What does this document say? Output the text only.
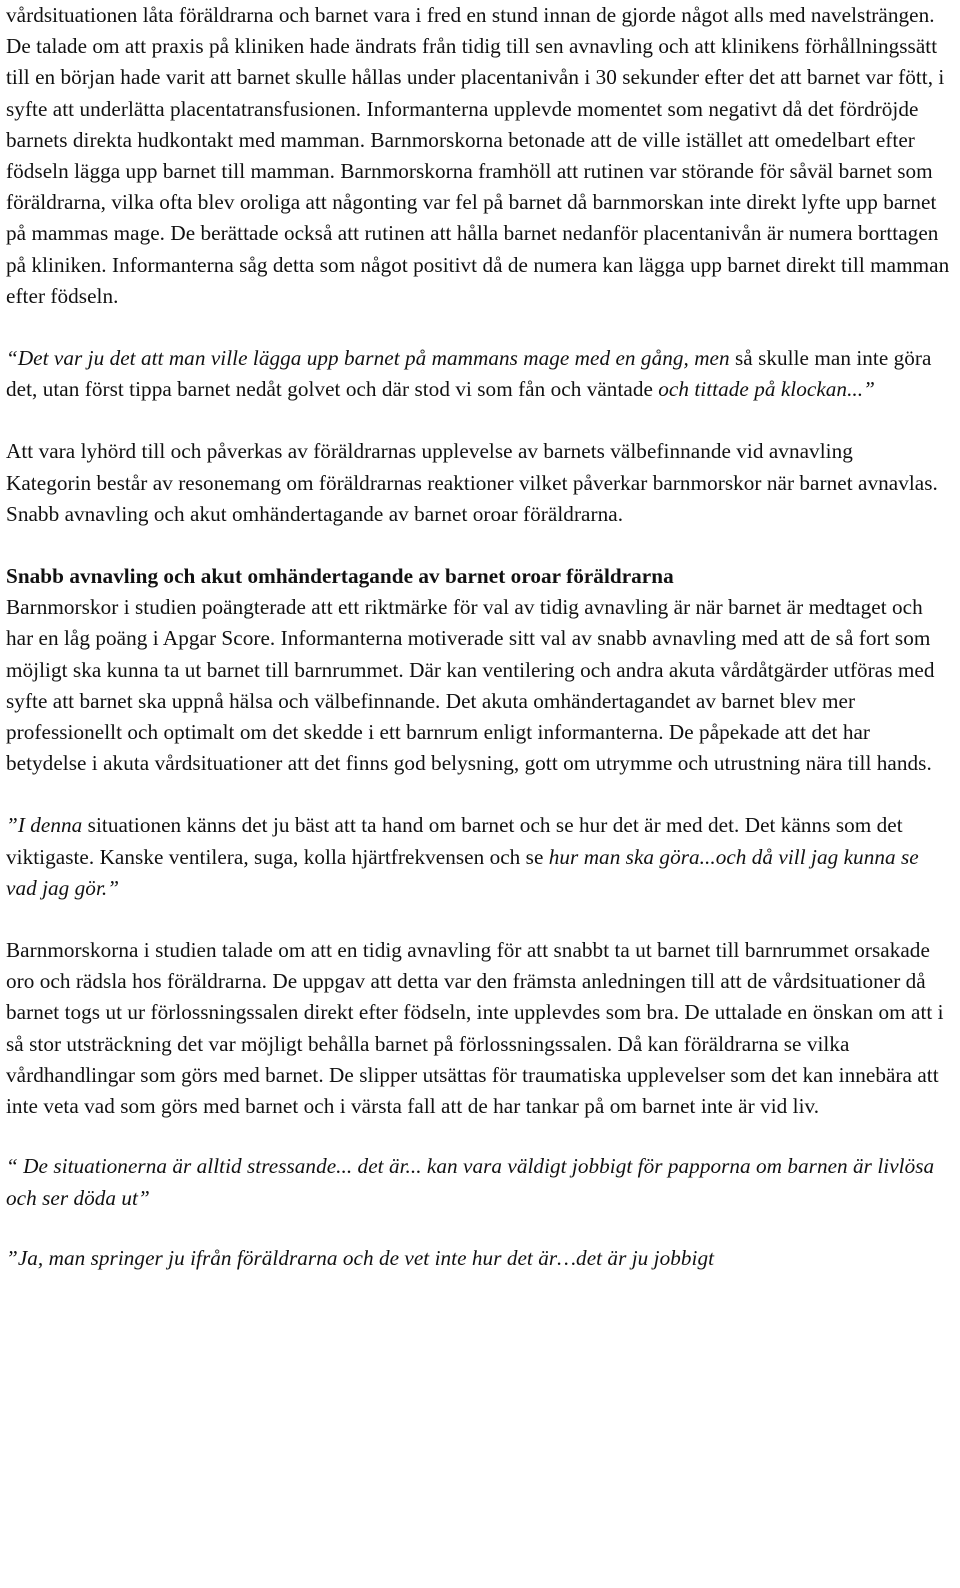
vårdsituationen låta föräldrarna och barnet vara i fred en stund innan de gjorde något alls med navelsträngen. De talade om att praxis på kliniken hade ändrats från tidig till sen avnavling och att klinikens förhållningssätt till en början hade varit att barnet skulle hållas under placentanivån i 30 sekunder efter det att barnet var fött, i syfte att underlätta placentatransfusionen. Informanterna upplevde momentet som negativt då det fördröjde barnets direkta hudkontakt med mamman. Barnmorskorna betonade att de ville istället att omedelbart efter födseln lägga upp barnet till mamman. Barnmorskorna framhöll att rutinen var störande för såväl barnet som föräldrarna, vilka ofta blev oroliga att någonting var fel på barnet då barnmorskan inte direkt lyfte upp barnet på mammas mage. De berättade också att rutinen att hålla barnet nedanför placentanivån är numera borttagen på kliniken. Informanterna såg detta som något positivt då de numera kan lägga upp barnet direkt till mamman efter födseln.

“Det var ju det att man ville lägga upp barnet på mammans mage med en gång, men så skulle man inte göra det, utan först tippa barnet nedåt golvet och där stod vi som fån och väntade och tittade på klockan...”

Att vara lyhörd till och påverkas av föräldrarnas upplevelse av barnets välbefinnande vid avnavling
Kategorin består av resonemang om föräldrarnas reaktioner vilket påverkar barnmorskor när barnet avnavlas. Snabb avnavling och akut omhändertagande av barnet oroar föräldrarna.

Snabb avnavling och akut omhändertagande av barnet oroar föräldrarna
Barnmorskor i studien poängterade att ett riktmärke för val av tidig avnavling är när barnet är medtaget och har en låg poäng i Apgar Score. Informanterna motiverade sitt val av snabb avnavling med att de så fort som möjligt ska kunna ta ut barnet till barnrummet. Där kan ventilering och andra akuta vårdåtgärder utföras med syfte att barnet ska uppnå hälsa och välbefinnande. Det akuta omhändertagandet av barnet blev mer professionellt och optimalt om det skedde i ett barnrum enligt informanterna. De påpekade att det har betydelse i akuta vårdsituationer att det finns god belysning, gott om utrymme och utrustning nära till hands.

”I denna situationen känns det ju bäst att ta hand om barnet och se hur det är med det. Det känns som det viktigaste. Kanske ventilera, suga, kolla hjärtfrekvensen och se hur man ska göra...och då vill jag kunna se vad jag gör.”

Barnmorskorna i studien talade om att en tidig avnavling för att snabbt ta ut barnet till barnrummet orsakade oro och rädsla hos föräldrarna. De uppgav att detta var den främsta anledningen till att de vårdsituationer då barnet togs ut ur förlossningssalen direkt efter födseln, inte upplevdes som bra. De uttalade en önskan om att i så stor utsträckning det var möjligt behålla barnet på förlossningssalen. Då kan föräldrarna se vilka vårdhandlingar som görs med barnet. De slipper utsättas för traumatiska upplevelser som det kan innebära att inte veta vad som görs med barnet och i värsta fall att de har tankar på om barnet inte är vid liv.

“ De situationerna är alltid stressande... det är... kan vara väldigt jobbigt för papporna om barnen är livlösa och ser döda ut”

”Ja, man springer ju ifrån föräldrarna och de vet inte hur det är…det är ju jobbigt
